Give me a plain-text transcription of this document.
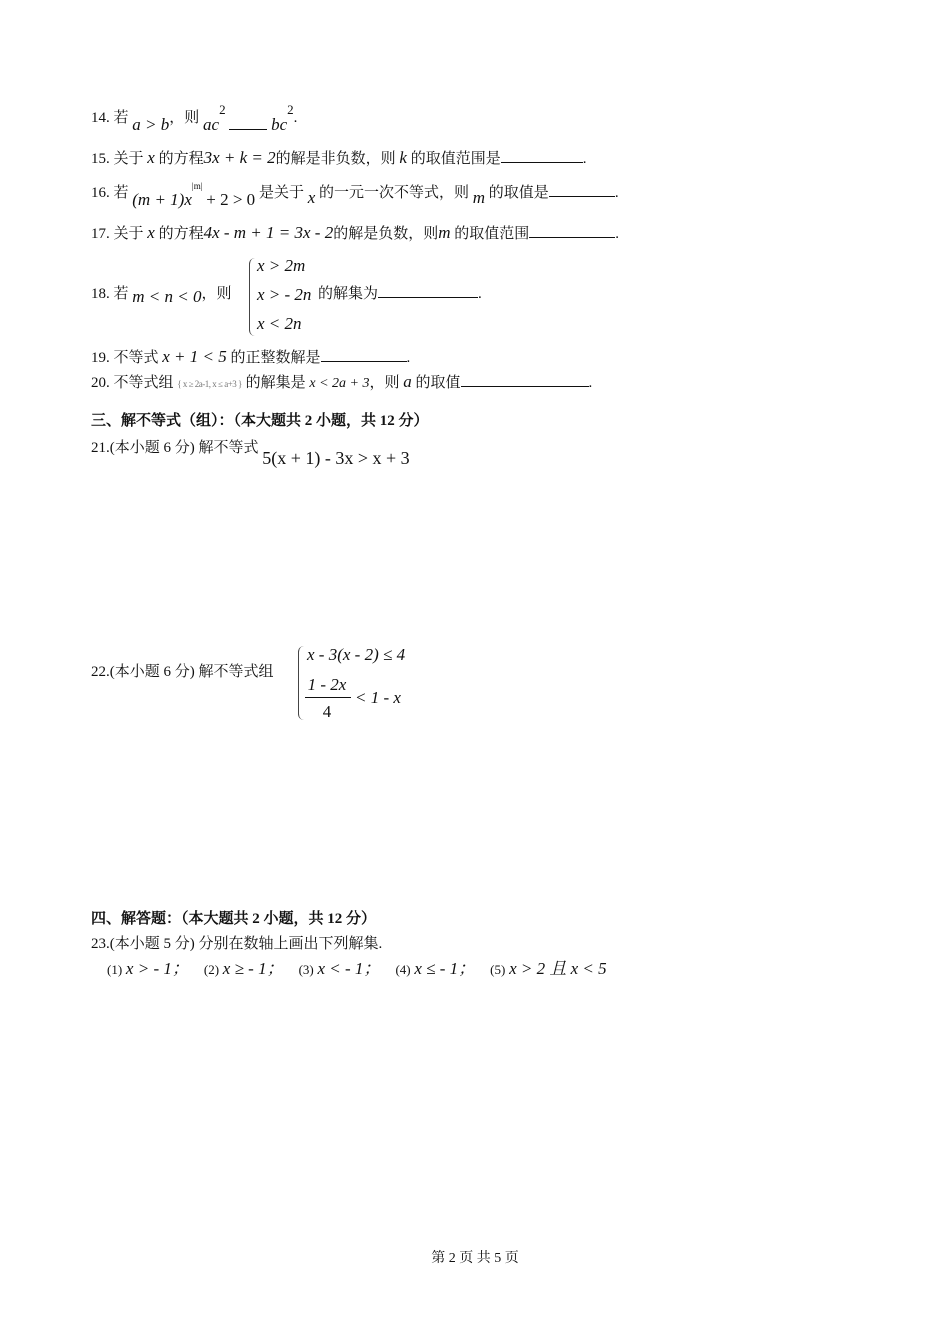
14. 若 a > b，则 $ac^2$  $bc^2$.
15. 关于 x 的方程3x + k = 2的解是非负数，则 k 的取值范围是	.
16. 若 $(m + 1)x^{|m|} + 2 > 0$ 是关于 x 的一元一次不等式，则 m 的取值是	.
17. 关于 x 的方程4x - m + 1 = 3x - 2的解是负数，则m 的取值范围	.
18. 若 m < n < 0，则
x > 2m
x > - 2n
x < 2n
的解集为	.
19. 不等式 x + 1 < 5 的正整数解是	.
20. 不等式组 { x ≥ 2a-1, x ≤ a+3 } 的解集是 x < 2a + 3，则 a 的取值	.
三、解不等式（组）：（本大题共 2 小题，共 12 分）
21.(本小题 6 分) 解不等式 5(x + 1) - 3x > x + 3
22.(本小题 6 分) 解不等式组
x - 3(x - 2) ≤ 4
1 - 2x
4
< 1 - x
四、解答题：（本大题共 2 小题，共 12 分）
23.(本小题 5 分) 分别在数轴上画出下列解集.
(1) x > - 1； (2) x ≥ - 1； (3) x < - 1； (4) x ≤ - 1； (5) x > 2 且 x < 5
第 2 页 共 5 页
